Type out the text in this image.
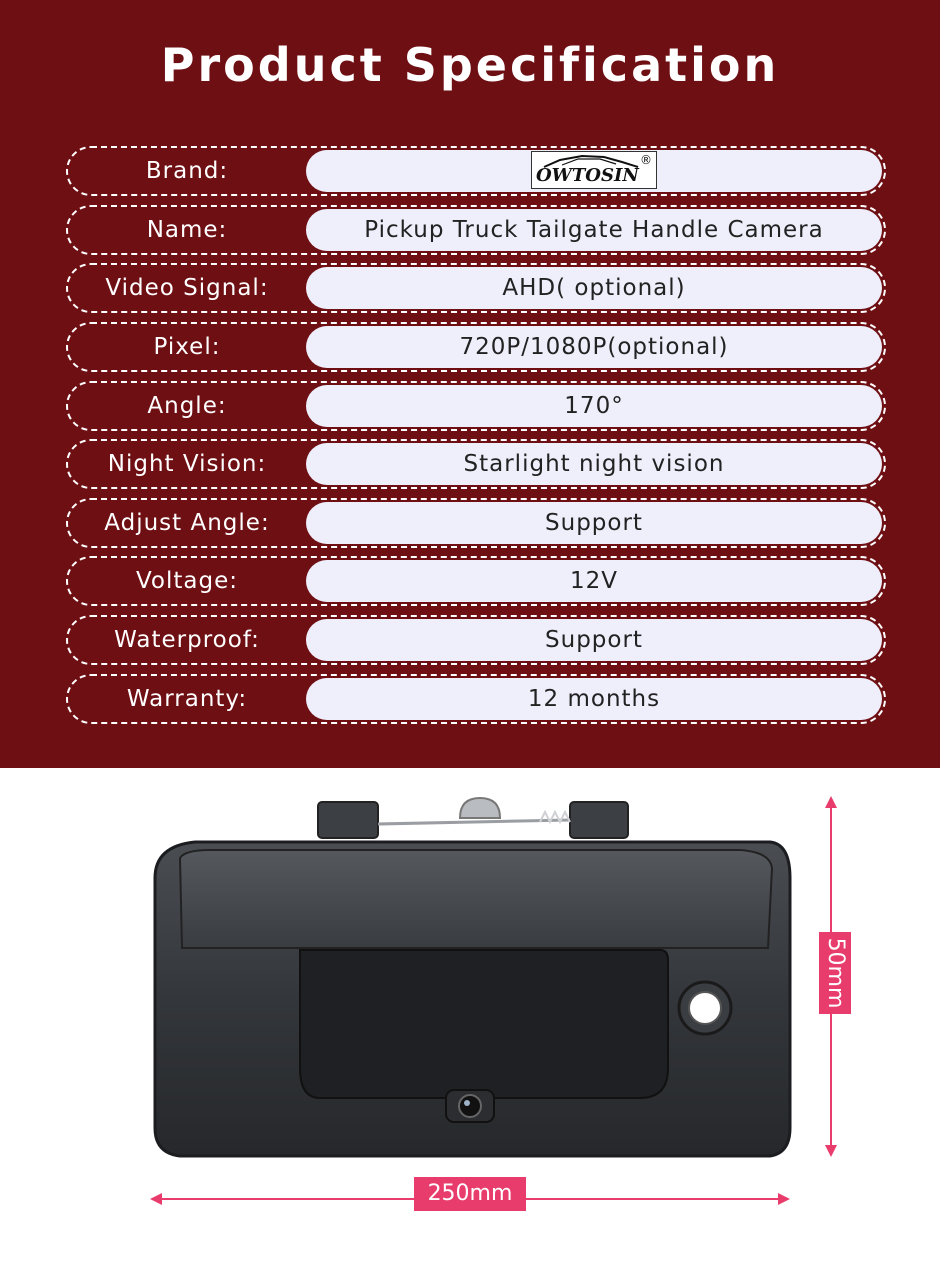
Product Specification
Brand:	OWTOSIN
®
Name:	Pickup Truck Tailgate Handle Camera
Video Signal:	AHD( optional)
Pixel:	720P/1080P(optional)
Angle:	170°
Night Vision:	Starlight night vision
Adjust Angle:	Support
Voltage:	12V
Waterproof:	Support
Warranty:	12 months
250mm
50mm
